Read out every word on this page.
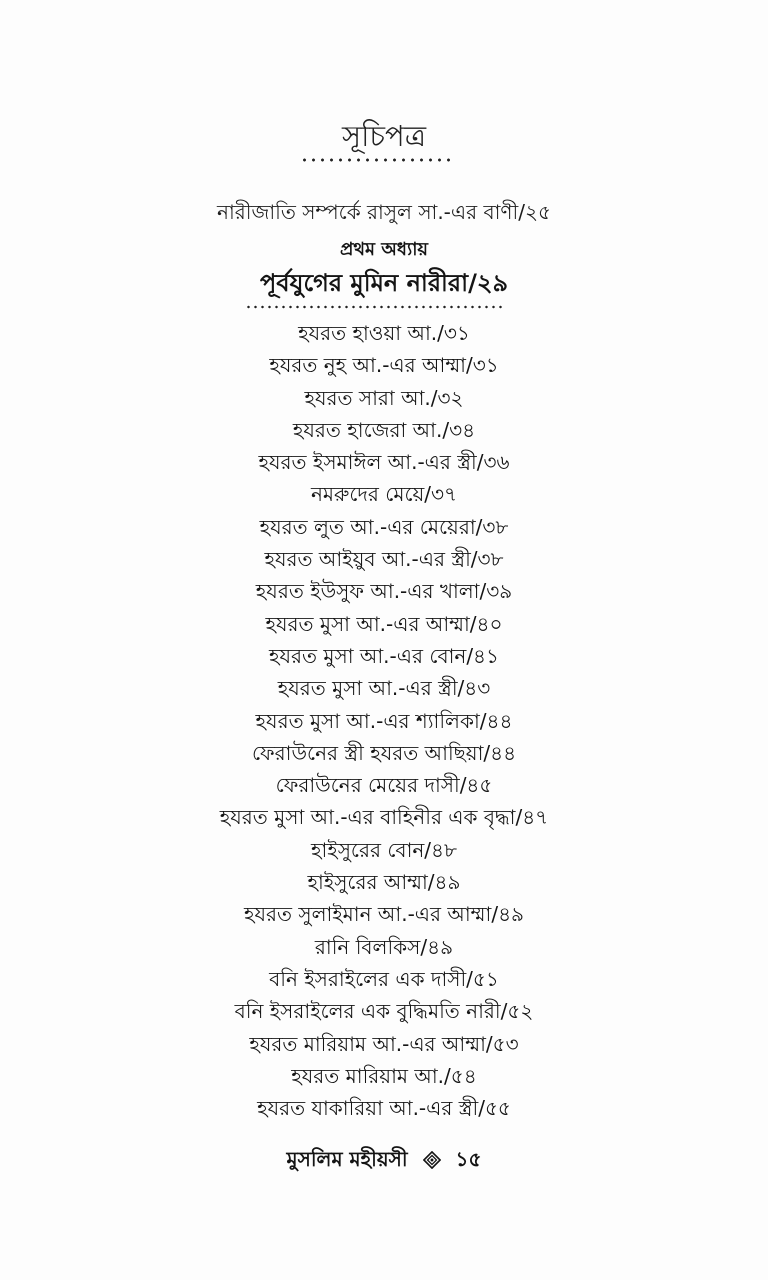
সূচিপত্র
নারীজাতি সম্পর্কে রাসুল সা.-এর বাণী/২৫
প্রথম অধ্যায়
পূর্বযুগের মুমিন নারীরা/২৯
হযরত হাওয়া আ./৩১
হযরত নুহ আ.-এর আম্মা/৩১
হযরত সারা আ./৩২
হযরত হাজেরা আ./৩৪
হযরত ইসমাঈল আ.-এর স্ত্রী/৩৬
নমরুদের মেয়ে/৩৭
হযরত লুত আ.-এর মেয়েরা/৩৮
হযরত আইয়ুব আ.-এর স্ত্রী/৩৮
হযরত ইউসুফ আ.-এর খালা/৩৯
হযরত মুসা আ.-এর আম্মা/৪০
হযরত মুসা আ.-এর বোন/৪১
হযরত মুসা আ.-এর স্ত্রী/৪৩
হযরত মুসা আ.-এর শ্যালিকা/৪৪
ফেরাউনের স্ত্রী হযরত আছিয়া/৪৪
ফেরাউনের মেয়ের দাসী/৪৫
হযরত মুসা আ.-এর বাহিনীর এক বৃদ্ধা/৪৭
হাইসুরের বোন/৪৮
হাইসুরের আম্মা/৪৯
হযরত সুলাইমান আ.-এর আম্মা/৪৯
রানি বিলকিস/৪৯
বনি ইসরাইলের এক দাসী/৫১
বনি ইসরাইলের এক বুদ্ধিমতি নারী/৫২
হযরত মারিয়াম আ.-এর আম্মা/৫৩
হযরত মারিয়াম আ./৫৪
হযরত যাকারিয়া আ.-এর স্ত্রী/৫৫
মুসলিম মহীয়সী ১৫
